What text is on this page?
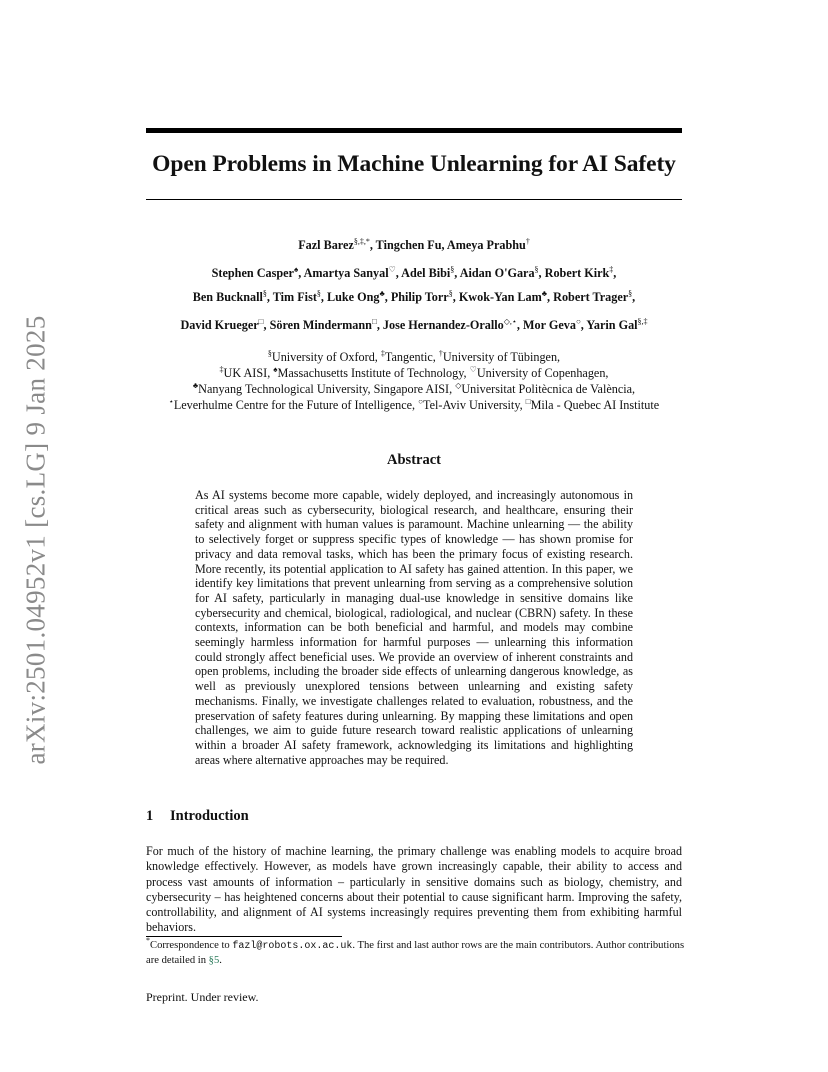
arXiv:2501.04952v1 [cs.LG] 9 Jan 2025
Open Problems in Machine Unlearning for AI Safety
Fazl Barez§,‡,*, Tingchen Fu, Ameya Prabhu†
Stephen Casper♠, Amartya Sanyal♡, Adel Bibi§, Aidan O'Gara§, Robert Kirk‡,
Ben Bucknall§, Tim Fist§, Luke Ong♣, Philip Torr§, Kwok-Yan Lam♣, Robert Trager§,
David Krueger□, Sören Mindermann□, Jose Hernandez-Orallo◇,⋆, Mor Geva○, Yarin Gal§,‡
§University of Oxford, ‡Tangentic, †University of Tübingen,
‡UK AISI, ♠Massachusetts Institute of Technology, ♡University of Copenhagen,
♣Nanyang Technological University, Singapore AISI, ◇Universitat Politècnica de València,
⋆Leverhulme Centre for the Future of Intelligence, ○Tel-Aviv University, □Mila - Quebec AI Institute
Abstract
As AI systems become more capable, widely deployed, and increasingly autonomous in critical areas such as cybersecurity, biological research, and healthcare, ensuring their safety and alignment with human values is paramount. Machine unlearning — the ability to selectively forget or suppress specific types of knowledge — has shown promise for privacy and data removal tasks, which has been the primary focus of existing research. More recently, its potential application to AI safety has gained attention. In this paper, we identify key limitations that prevent unlearning from serving as a comprehensive solution for AI safety, particularly in managing dual-use knowledge in sensitive domains like cybersecurity and chemical, biological, radiological, and nuclear (CBRN) safety. In these contexts, information can be both beneficial and harmful, and models may combine seemingly harmless information for harmful purposes — unlearning this information could strongly affect beneficial uses. We provide an overview of inherent constraints and open problems, including the broader side effects of unlearning dangerous knowledge, as well as previously unexplored tensions between unlearning and existing safety mechanisms. Finally, we investigate challenges related to evaluation, robustness, and the preservation of safety features during unlearning. By mapping these limitations and open challenges, we aim to guide future research toward realistic applications of unlearning within a broader AI safety framework, acknowledging its limitations and highlighting areas where alternative approaches may be required.
1 Introduction
For much of the history of machine learning, the primary challenge was enabling models to acquire broad knowledge effectively. However, as models have grown increasingly capable, their ability to access and process vast amounts of information – particularly in sensitive domains such as biology, chemistry, and cybersecurity – has heightened concerns about their potential to cause significant harm. Improving the safety, controllability, and alignment of AI systems increasingly requires preventing them from exhibiting harmful behaviors.
*Correspondence to fazl@robots.ox.ac.uk. The first and last author rows are the main contributors. Author contributions are detailed in §5.
Preprint. Under review.
